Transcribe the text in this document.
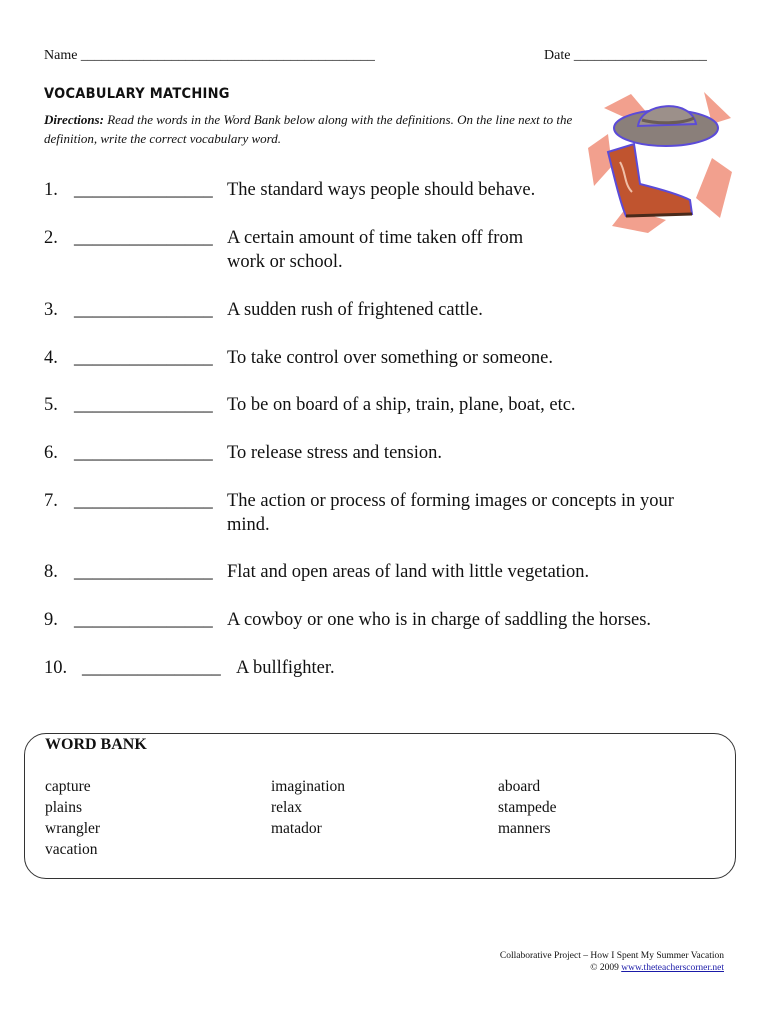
Name __________________________________________	Date ___________________
VOCABULARY MATCHING
Directions: Read the words in the Word Bank below along with the definitions. On the line next to the definition, write the correct vocabulary word.
1. _______________ The standard ways people should behave.
2. _______________ A certain amount of time taken off from
work or school.
3. _______________ A sudden rush of frightened cattle.
4. _______________ To take control over something or someone.
5. _______________ To be on board of a ship, train, plane, boat, etc.
6. _______________ To release stress and tension.
7. _______________ The action or process of forming images or concepts in your
mind.
8. _______________ Flat and open areas of land with little vegetation.
9. _______________ A cowboy or one who is in charge of saddling the horses.
10. _______________ A bullfighter.
WORD BANK
capture
plains
wrangler
vacation
imagination
relax
matador
aboard
stampede
manners
Collaborative Project – How I Spent My Summer Vacation
© 2009 www.theteacherscorner.net
